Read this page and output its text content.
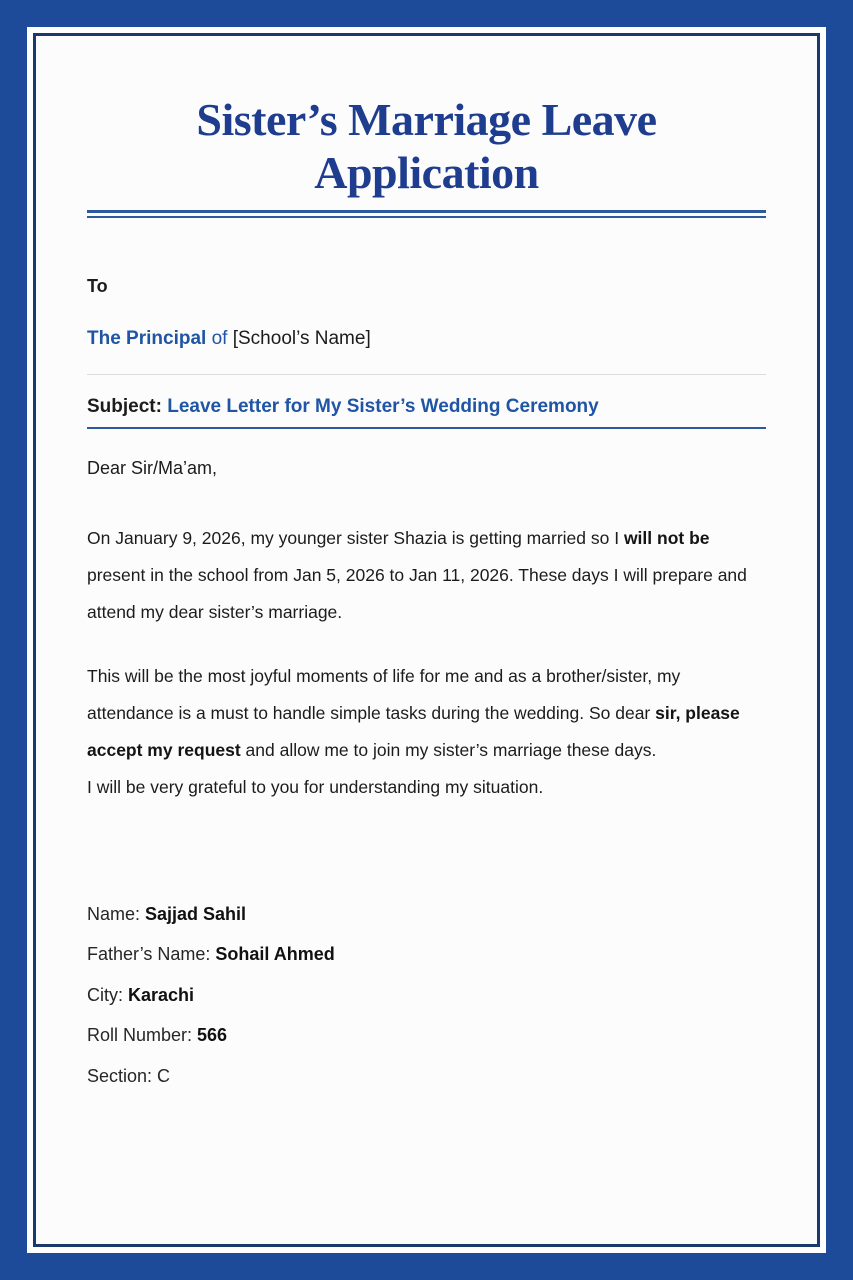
Sister’s Marriage Leave Application
To
The Principal of [School’s Name]
Subject: Leave Letter for My Sister’s Wedding Ceremony
Dear Sir/Ma’am,

On January 9, 2026, my younger sister Shazia is getting married so I will not be present in the school from Jan 5, 2026 to Jan 11, 2026. These days I will prepare and attend my dear sister’s marriage.

This will be the most joyful moments of life for me and as a brother/sister, my attendance is a must to handle simple tasks during the wedding. So dear sir, please accept my request and allow me to join my sister’s marriage these days.
I will be very grateful to you for understanding my situation.

Name: Sajjad Sahil
Father’s Name: Sohail Ahmed
City: Karachi
Roll Number: 566
Section: C
